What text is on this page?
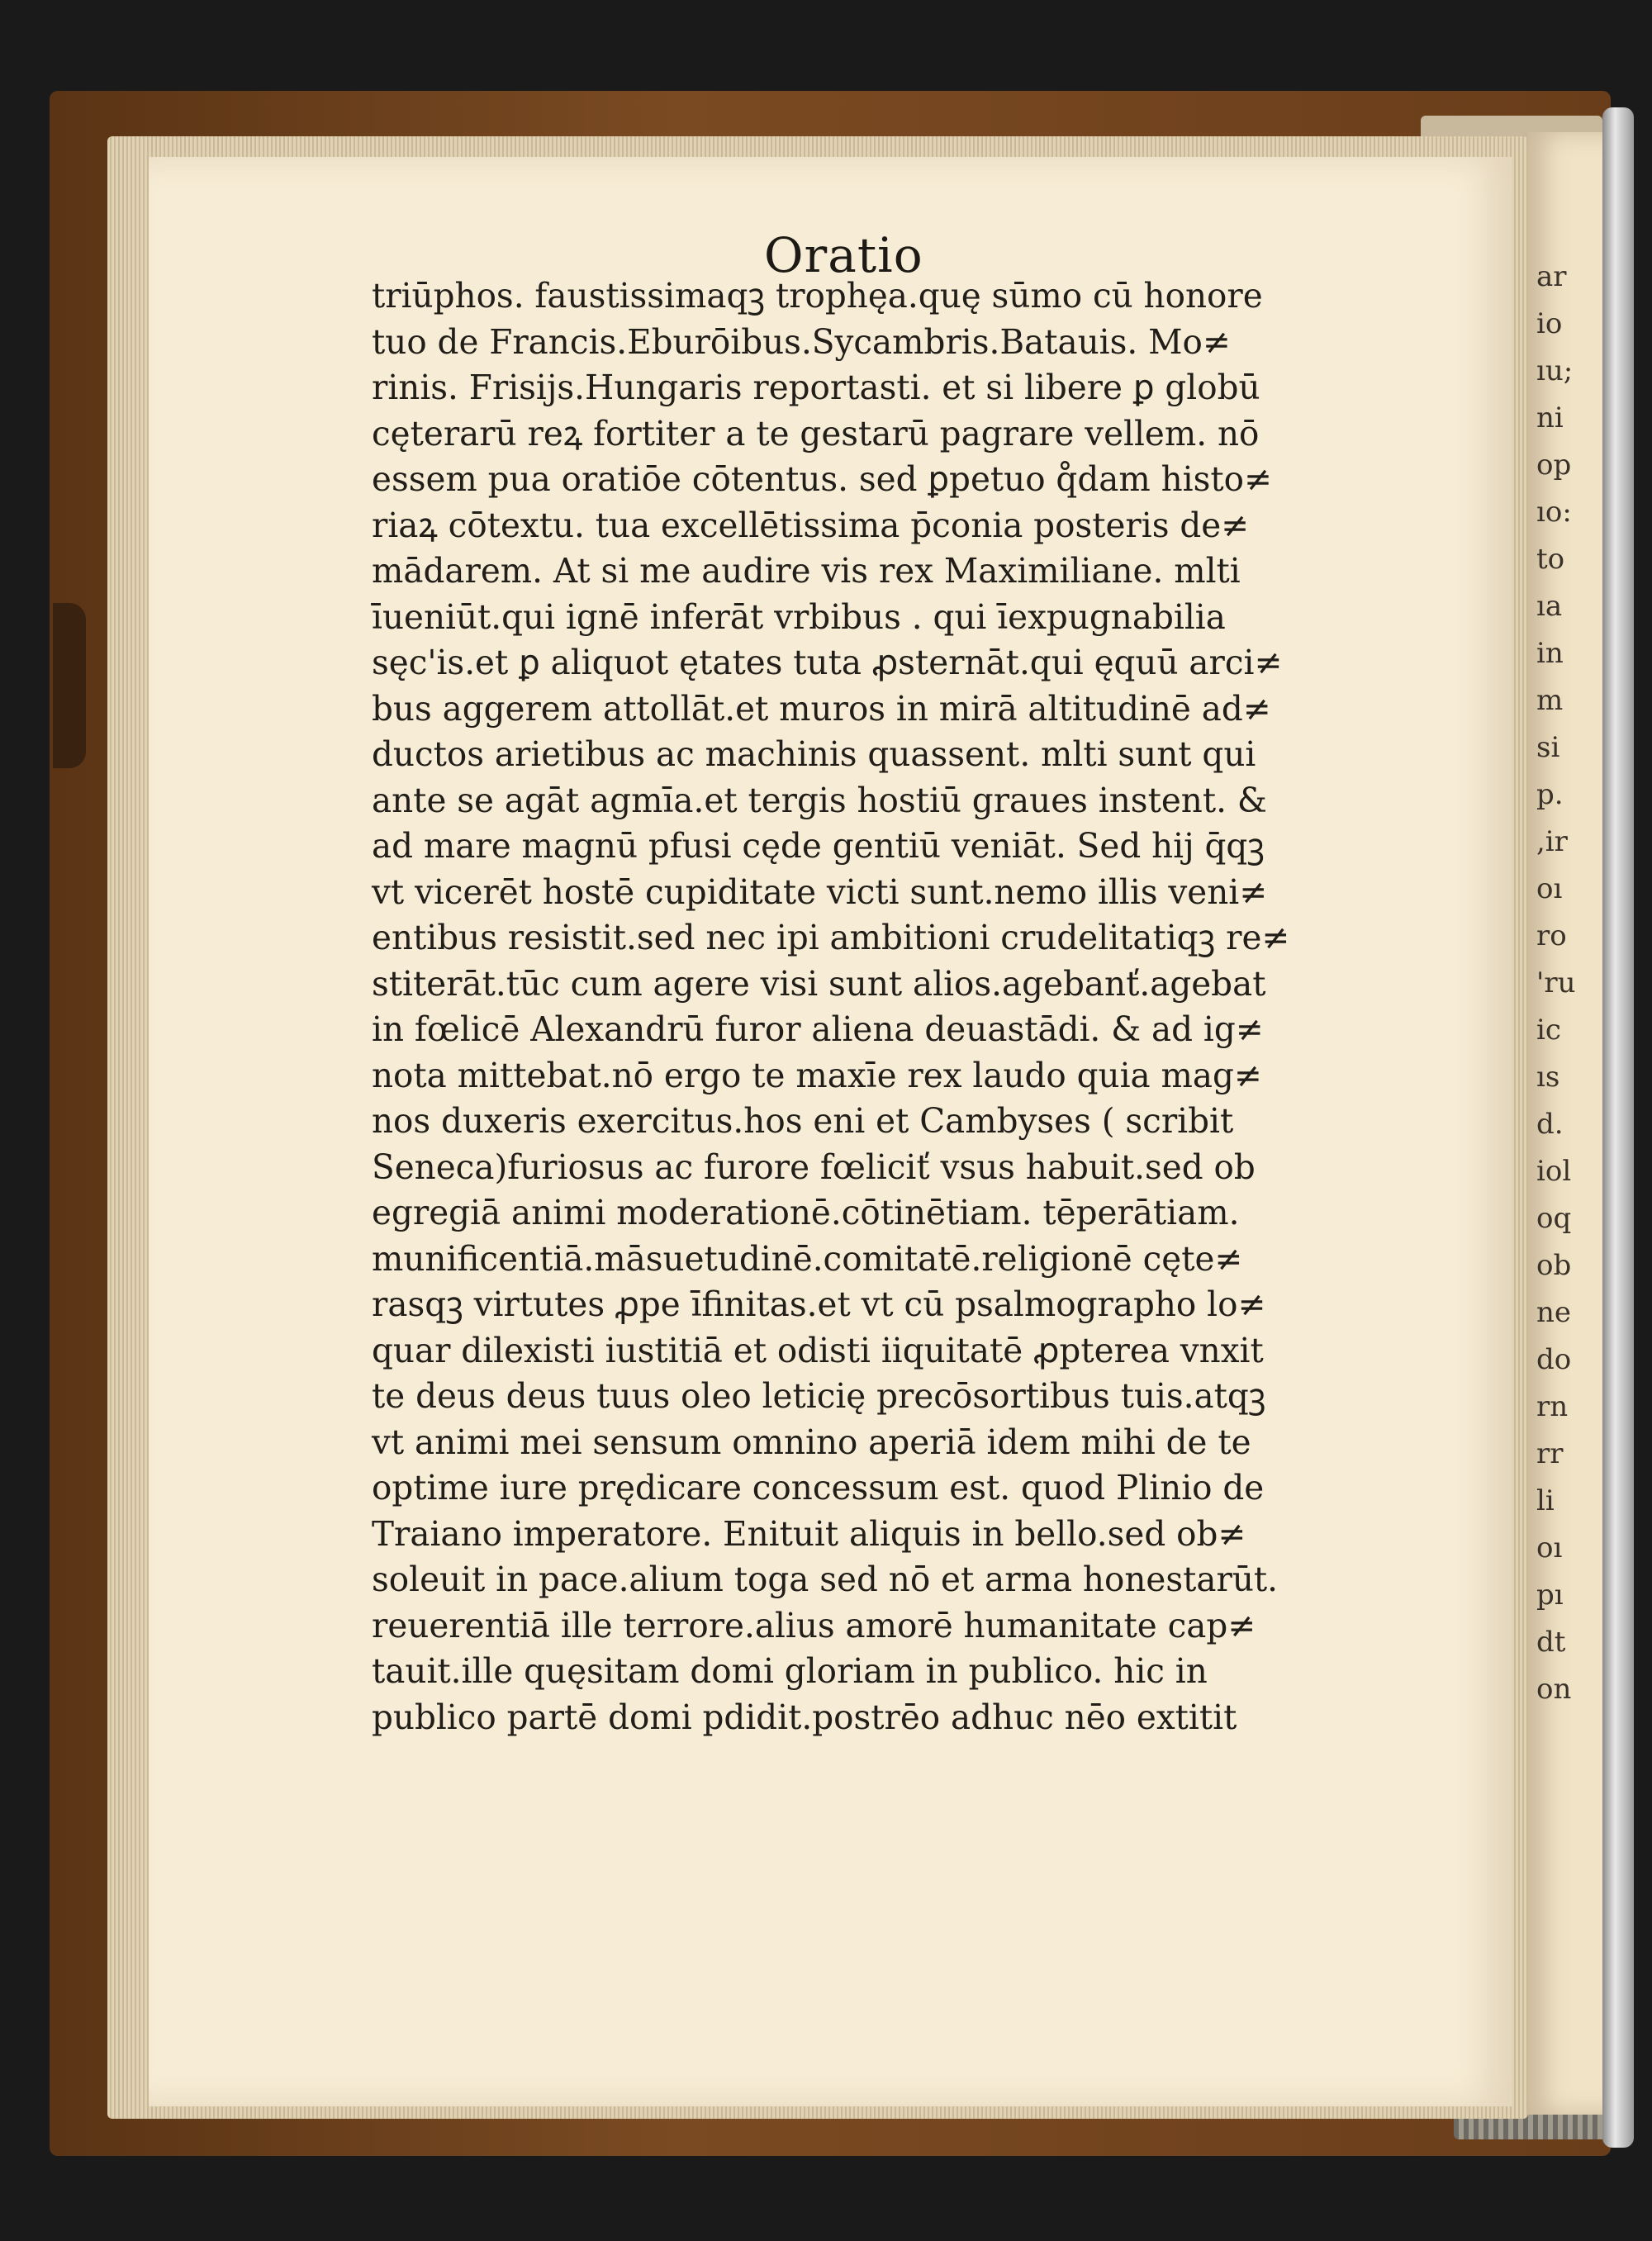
ar
io
ıu;
ni
op
ıo:
to
ıa
in
m
si
p.
,ir
oı
ro
'ru
ic
ıs
d.
iol
oq
ob
ne
do
rn
rr
li
oı
pı
dt
on
Oratio
triūphos. faustissimaqꝫ trophęa.quę sūmo cū honore
tuo de Francis.Eburōibus.Sycambris.Batauis. Mo≠
rinis. Frisijs.Hungaris reportasti. et si libere ꝑ globū
cęterarū reꝝ fortiter a te gestarū pagrare vellem. nō
essem pua oratiōe cōtentus. sed ꝑpetuo q̊dam histo≠
riaꝝ cōtextu. tua excellētissima p̄conia posteris de≠
mādarem. At si me audire vis rex Maximiliane. mlti
īueniūt.qui ignē inferāt vrbibus . qui īexpugnabilia
sęc'is.et ꝑ aliquot ętates tuta ꝓsternāt.qui ęquū arci≠
bus aggerem attollāt.et muros in mirā altitudinē ad≠
ductos arietibus ac machinis quassent. mlti sunt qui
ante se agāt agmīa.et tergis hostiū graues instent. &
ad mare magnū pfusi cęde gentiū veniāt. Sed hij q̄qꝫ
vt vicerēt hostē cupiditate victi sunt.nemo illis veni≠
entibus resistit.sed nec ipi ambitioni crudelitatiqꝫ re≠
stiterāt.tūc cum agere visi sunt alios.agebanť.agebat
in fœlicē Alexandrū furor aliena deuastādi. & ad ig≠
nota mittebat.nō ergo te maxīe rex laudo quia mag≠
nos duxeris exercitus.hos eni et Cambyses ( scribit
Seneca)furiosus ac furore fœliciť vsus habuit.sed ob
egregiā animi moderationē.cōtinētiam. tēperātiam.
munificentiā.māsuetudinē.comitatē.religionē cęte≠
rasqꝫ virtutes ꝓpe īfinitas.et vt cū psalmographo lo≠
quar dilexisti iustitiā et odisti iiquitatē ꝓpterea vnxit
te deus deus tuus oleo leticię precōsortibus tuis.atqꝫ
vt animi mei sensum omnino aperiā idem mihi de te
optime iure prędicare concessum est. quod Plinio de
Traiano imperatore. Enituit aliquis in bello.sed ob≠
soleuit in pace.alium toga sed nō et arma honestarūt.
reuerentiā ille terrore.alius amorē humanitate cap≠
tauit.ille quęsitam domi gloriam in publico. hic in
publico partē domi pdidit.postrēo adhuc nēo extitit
